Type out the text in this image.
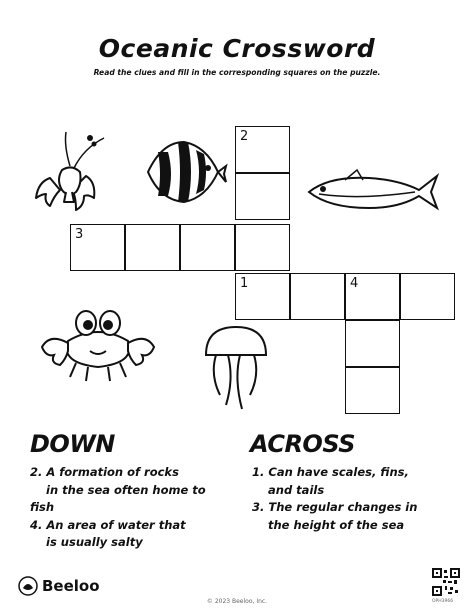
Oceanic Crossword
Read the clues and fill in the corresponding squares on the puzzle.
2
3
1	4
DOWN
2. A formation of rocks
in the sea often home to
fish
4. An area of water that
is usually salty
ACROSS
1. Can have scales, fins,
and tails
3. The regular changes in
the height of the sea
Beeloo
© 2023 Beeloo, Inc.	OPH3966
